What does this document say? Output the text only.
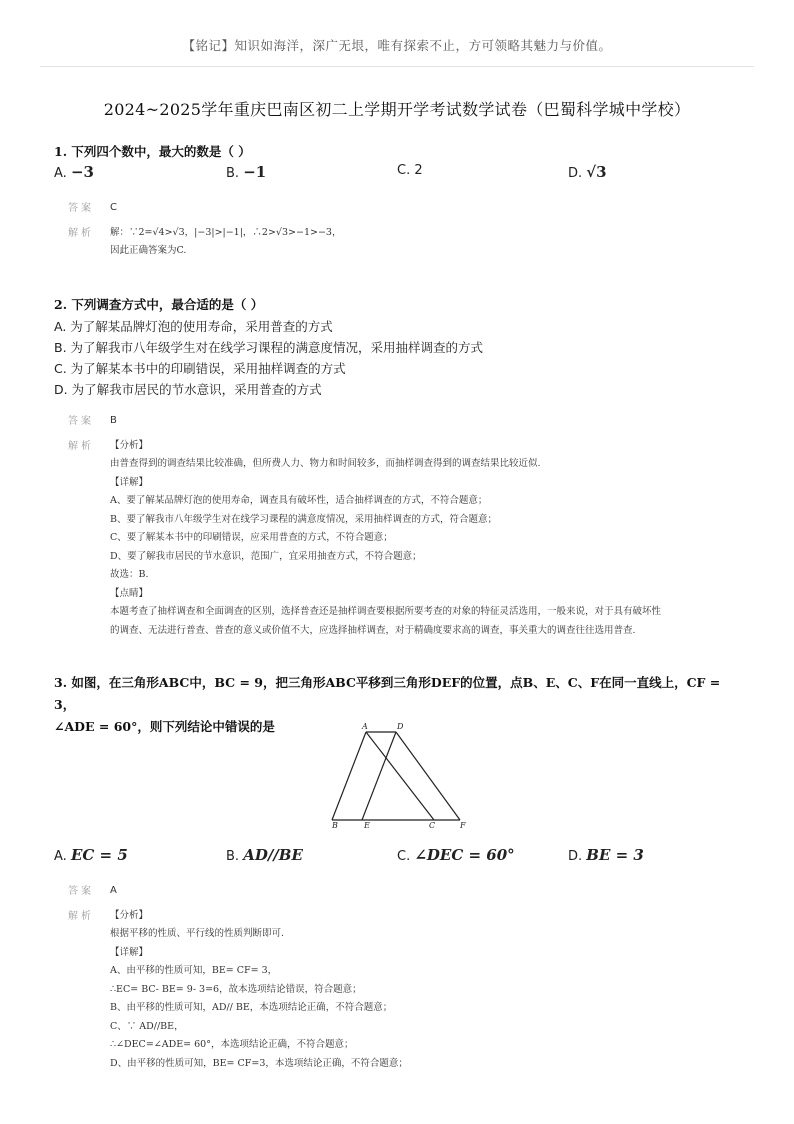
【铭记】知识如海洋，深广无垠，唯有探索不止，方可领略其魅力与价值。
2024~2025学年重庆巴南区初二上学期开学考试数学试卷（巴蜀科学城中学校）
1. 下列四个数中，最大的数是（ ）
A. −3	B. −1	C. 2	D. √3
答案 C
解析 解：∵2=√4>√3，|−3|>|−1|，∴2>√3>−1>−3，
因此正确答案为C.
2. 下列调查方式中，最合适的是（ ）
A. 为了解某品牌灯泡的使用寿命，采用普查的方式
B. 为了解我市八年级学生对在线学习课程的满意度情况，采用抽样调查的方式
C. 为了解某本书中的印刷错误，采用抽样调查的方式
D. 为了解我市居民的节水意识，采用普查的方式
答案 B
解析 【分析】
由普查得到的调查结果比较准确，但所费人力、物力和时间较多，而抽样调查得到的调查结果比较近似.
【详解】
A、要了解某品牌灯泡的使用寿命，调查具有破坏性，适合抽样调查的方式，不符合题意；
B、要了解我市八年级学生对在线学习课程的满意度情况，采用抽样调查的方式，符合题意；
C、要了解某本书中的印刷错误，应采用普查的方式，不符合题意；
D、要了解我市居民的节水意识，范围广，宜采用抽查方式，不符合题意；
故选：B.
【点睛】
本题考查了抽样调查和全面调查的区别，选择普查还是抽样调查要根据所要考查的对象的特征灵活选用，一般来说，对于具有破坏性
的调查、无法进行普查、普查的意义或价值不大，应选择抽样调查，对于精确度要求高的调查，事关重大的调查往往选用普查.
3. 如图，在三角形ABC中，BC = 9，把三角形ABC平移到三角形DEF的位置，点B、E、C、F在同一直线上，CF = 3，
∠ADE = 60°，则下列结论中错误的是	A	D
B	E	C	F
A. EC = 5	B. AD//BE	C. ∠DEC = 60°	D. BE = 3
答案 A
解析 【分析】
根据平移的性质、平行线的性质判断即可.
【详解】
A、由平移的性质可知，BE= CF= 3，
∴EC= BC- BE= 9- 3=6，故本选项结论错误，符合题意；
B、由平移的性质可知，AD// BE，本选项结论正确，不符合题意；
C、∵ AD//BE，
∴∠DEC=∠ADE= 60°，本选项结论正确，不符合题意；
D、由平移的性质可知，BE= CF=3，本选项结论正确，不符合题意；
